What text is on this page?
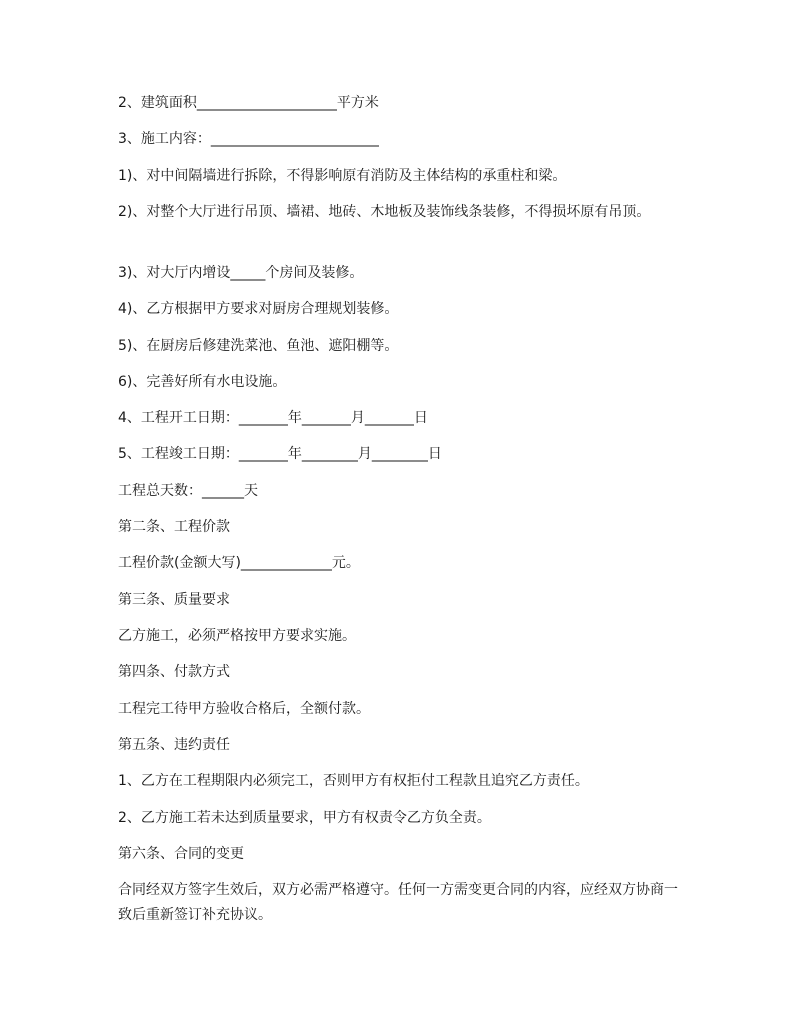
2、建筑面积____________________平方米
3、施工内容：________________________
1)、对中间隔墙进行拆除，不得影响原有消防及主体结构的承重柱和梁。
2)、对整个大厅进行吊顶、墙裙、地砖、木地板及装饰线条装修，不得损坏原有吊顶。
3)、对大厅内增设_____个房间及装修。
4)、乙方根据甲方要求对厨房合理规划装修。
5)、在厨房后修建洗菜池、鱼池、遮阳棚等。
6)、完善好所有水电设施。
4、工程开工日期：_______年_______月_______日
5、工程竣工日期：_______年________月________日
工程总天数：______天
第二条、工程价款
工程价款(金额大写)_____________元。
第三条、质量要求
乙方施工，必须严格按甲方要求实施。
第四条、付款方式
工程完工待甲方验收合格后，全额付款。
第五条、违约责任
1、乙方在工程期限内必须完工，否则甲方有权拒付工程款且追究乙方责任。
2、乙方施工若未达到质量要求，甲方有权责令乙方负全责。
第六条、合同的变更
合同经双方签字生效后，双方必需严格遵守。任何一方需变更合同的内容，应经双方协商一致后重新签订补充协议。
